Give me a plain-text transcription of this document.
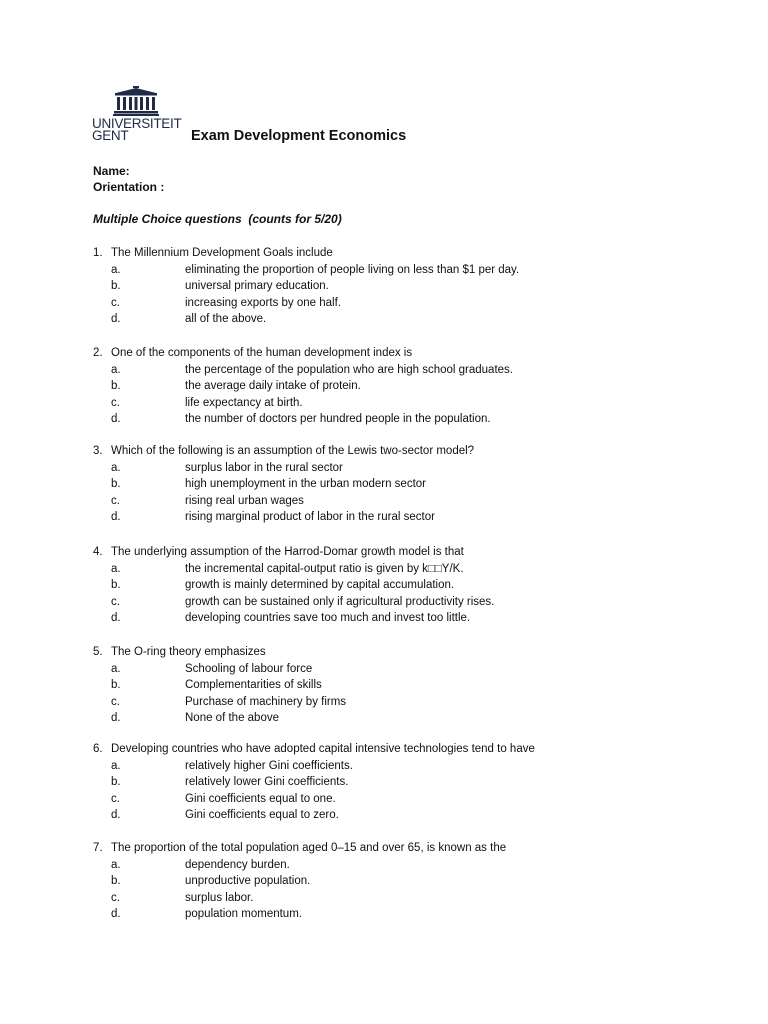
UNIVERSITEIT
GENT	Exam Development Economics
Name:
Orientation :
Multiple Choice questions  (counts for 5/20)
1. The Millennium Development Goals include
a.	eliminating the proportion of people living on less than $1 per day.
b.	universal primary education.
c.	increasing exports by one half.
d.	all of the above.
2. One of the components of the human development index is
a.	the percentage of the population who are high school graduates.
b.	the average daily intake of protein.
c.	life expectancy at birth.
d.	the number of doctors per hundred people in the population.
3. Which of the following is an assumption of the Lewis two-sector model?
a.	surplus labor in the rural sector
b.	high unemployment in the urban modern sector
c.	rising real urban wages
d.	rising marginal product of labor in the rural sector
4. The underlying assumption of the Harrod-Domar growth model is that
a.	the incremental capital-output ratio is given by k□□Y/K.
b.	growth is mainly determined by capital accumulation.
c.	growth can be sustained only if agricultural productivity rises.
d.	developing countries save too much and invest too little.
5. The O-ring theory emphasizes
a.	Schooling of labour force
b.	Complementarities of skills
c.	Purchase of machinery by firms
d.	None of the above
6. Developing countries who have adopted capital intensive technologies tend to have
a.	relatively higher Gini coefficients.
b.	relatively lower Gini coefficients.
c.	Gini coefficients equal to one.
d.	Gini coefficients equal to zero.
7. The proportion of the total population aged 0–15 and over 65, is known as the
a.	dependency burden.
b.	unproductive population.
c.	surplus labor.
d.	population momentum.
